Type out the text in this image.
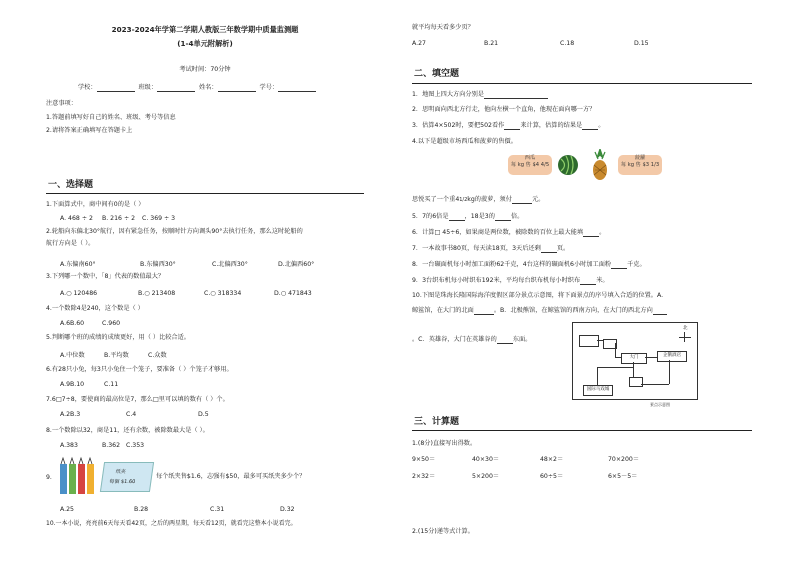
2023-2024年学第二学期人教版三年数学期中质量监测题
(1-4单元附解析)
考试时间：70分钟
学校：	班级：	姓名：	学号：
注意事项：
1.答题前填写好自己的姓名、班级、考号等信息
2.请将答案正确填写在答题卡上
一、选择题
1.下面算式中，商中间有0的是（ ）
A. 468 ÷ 2 B. 216 ÷ 2 C. 369 ÷ 3
2.轮船向东偏北30°航行，因有紧急任务，按顺时针方向调头90°去执行任务，那么这时轮船的
航行方向是（ ）。
A.东偏南60°	B.东偏西30°	C.北偏西30°	D.北偏西60°
3.下列哪一个数中，「8」代表的数值最大？
A.○ 120486	B.○ 213408	C.○ 318334	D.○ 471843
4.一个数除4是240，这个数是（ ）
A.6B.60	C.960
5.判断哪个班的成绩的成绩更好，用（ ）比较合适。
A.中位数	B.平均数	C.众数
6.有28只小兔，每3只小兔住一个笼子，要准备（ ）个笼子才够用。
A.9B.10	C.11
7.6□7÷8，要使商的最高位是7，那么□里可以填的数有（ ）个。
A.2B.3	C.4	D.5
8.一个数除以32，商是11，还有余数，被除数最大是（ ）。
A.383	B.362 C.353
9.
纸夹
每個 $1.60
每个纸夹售$1.6，志强有$50，最多可买纸夹多少个？
A.25	B.28	C.31	D.32
10.一本小说，亮亮前6天每天看42页，之后的两星期，每天看12页，就看完这整本小说看完。
就平均每天看多少页？
A.27	B.21	C.18	D.15
二、填空题
1．地图上四大方向分别是
2．思明面向西北方行走，他向左横一个直角，他现在面向哪一方？
3．估算4×502时，要把502看作	来计算，估算的结果是	。
4.以下是超级市场西瓜和菠萝的售價。
西瓜
每 kg 售 $4 4/5
菠蘿
每 kg 售 $3 1/3
思悦买了一个重41/2kg的菠萝，须付	元。
5．7的6倍是	，18是3的	倍。
6．计算□ 45÷6，如果商是两位数，被除数的百位上最大能填	。
7．一本故事书80页，每天读18页，3天后还剩	页。
8．一台碾面机每小时加工面粉62千克，4台这样的碾面机6小时加工面粉	千克。
9．3台织布机每小时织布192米，平均每台织布机每小时织布	米。
10.下图是珠海长隆国际海洋度假区部分景点示意图，将下面景点的序号填入合适的位置。A.
鲸鲨馆，在大门的北面	。B．北极熊馆，在鲸鲨馆的西南方向，在大门的西北方向
大门	企鹅酒店
国际马戏城
北
景点示意图
。C．英雄谷，大门在英雄谷的	东面。
三、计算题
1.(8分)直接写出得数。
9×50＝	40×30＝	48×2＝	70×200＝
2×32＝	5×200＝	60÷5＝	6×5－5＝
2.(15分)递等式计算。
